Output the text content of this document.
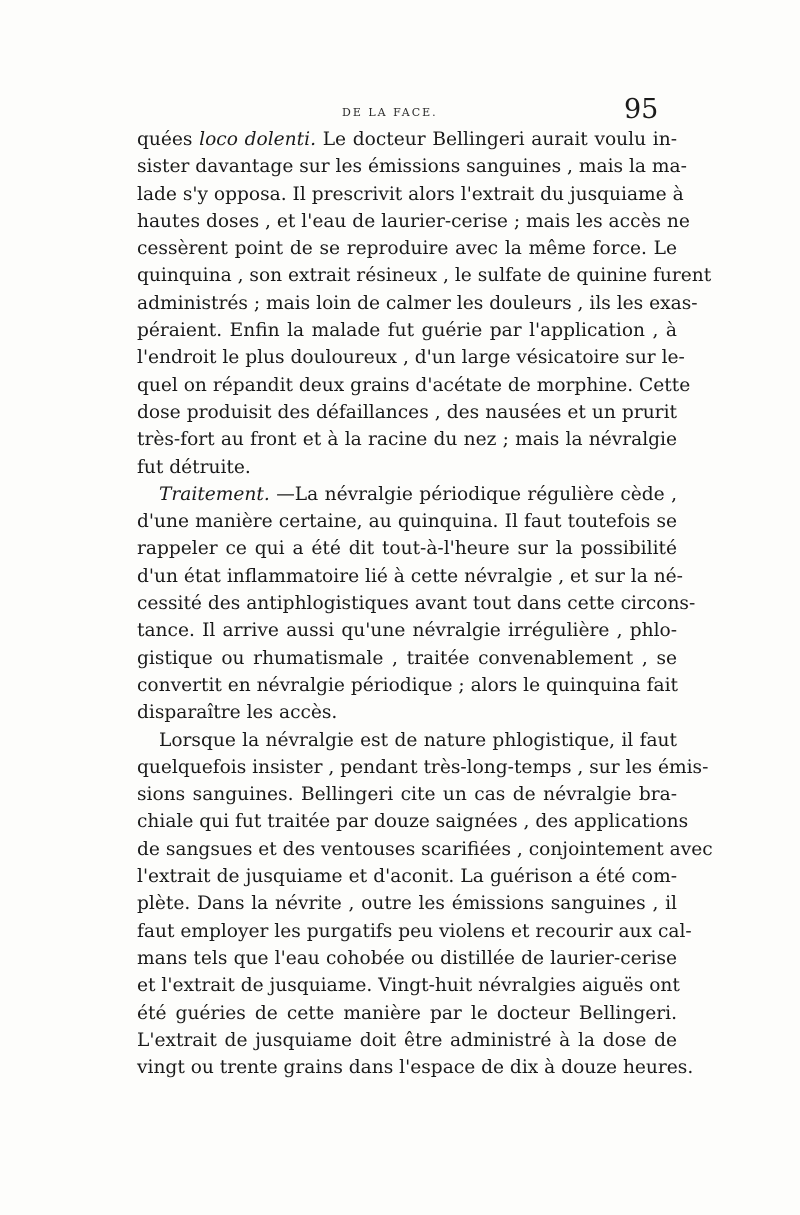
DE LA FACE.	95
quées loco dolenti. Le docteur Bellingeri aurait voulu in-
sister davantage sur les émissions sanguines , mais la ma-
lade s'y opposa. Il prescrivit alors l'extrait du jusquiame à
hautes doses , et l'eau de laurier-cerise ; mais les accès ne
cessèrent point de se reproduire avec la même force. Le
quinquina , son extrait résineux , le sulfate de quinine furent
administrés ; mais loin de calmer les douleurs , ils les exas-
péraient. Enfin la malade fut guérie par l'application , à
l'endroit le plus douloureux , d'un large vésicatoire sur le-
quel on répandit deux grains d'acétate de morphine. Cette
dose produisit des défaillances , des nausées et un prurit
très-fort au front et à la racine du nez ; mais la névralgie
fut détruite.
Traitement. —La névralgie périodique régulière cède ,
d'une manière certaine, au quinquina. Il faut toutefois se
rappeler ce qui a été dit tout-à-l'heure sur la possibilité
d'un état inflammatoire lié à cette névralgie , et sur la né-
cessité des antiphlogistiques avant tout dans cette circons-
tance. Il arrive aussi qu'une névralgie irrégulière , phlo-
gistique ou rhumatismale , traitée convenablement , se
convertit en névralgie périodique ; alors le quinquina fait
disparaître les accès.
Lorsque la névralgie est de nature phlogistique, il faut
quelquefois insister , pendant très-long-temps , sur les émis-
sions sanguines. Bellingeri cite un cas de névralgie bra-
chiale qui fut traitée par douze saignées , des applications
de sangsues et des ventouses scarifiées , conjointement avec
l'extrait de jusquiame et d'aconit. La guérison a été com-
plète. Dans la névrite , outre les émissions sanguines , il
faut employer les purgatifs peu violens et recourir aux cal-
mans tels que l'eau cohobée ou distillée de laurier-cerise
et l'extrait de jusquiame. Vingt-huit névralgies aiguës ont
été guéries de cette manière par le docteur Bellingeri.
L'extrait de jusquiame doit être administré à la dose de
vingt ou trente grains dans l'espace de dix à douze heures.
